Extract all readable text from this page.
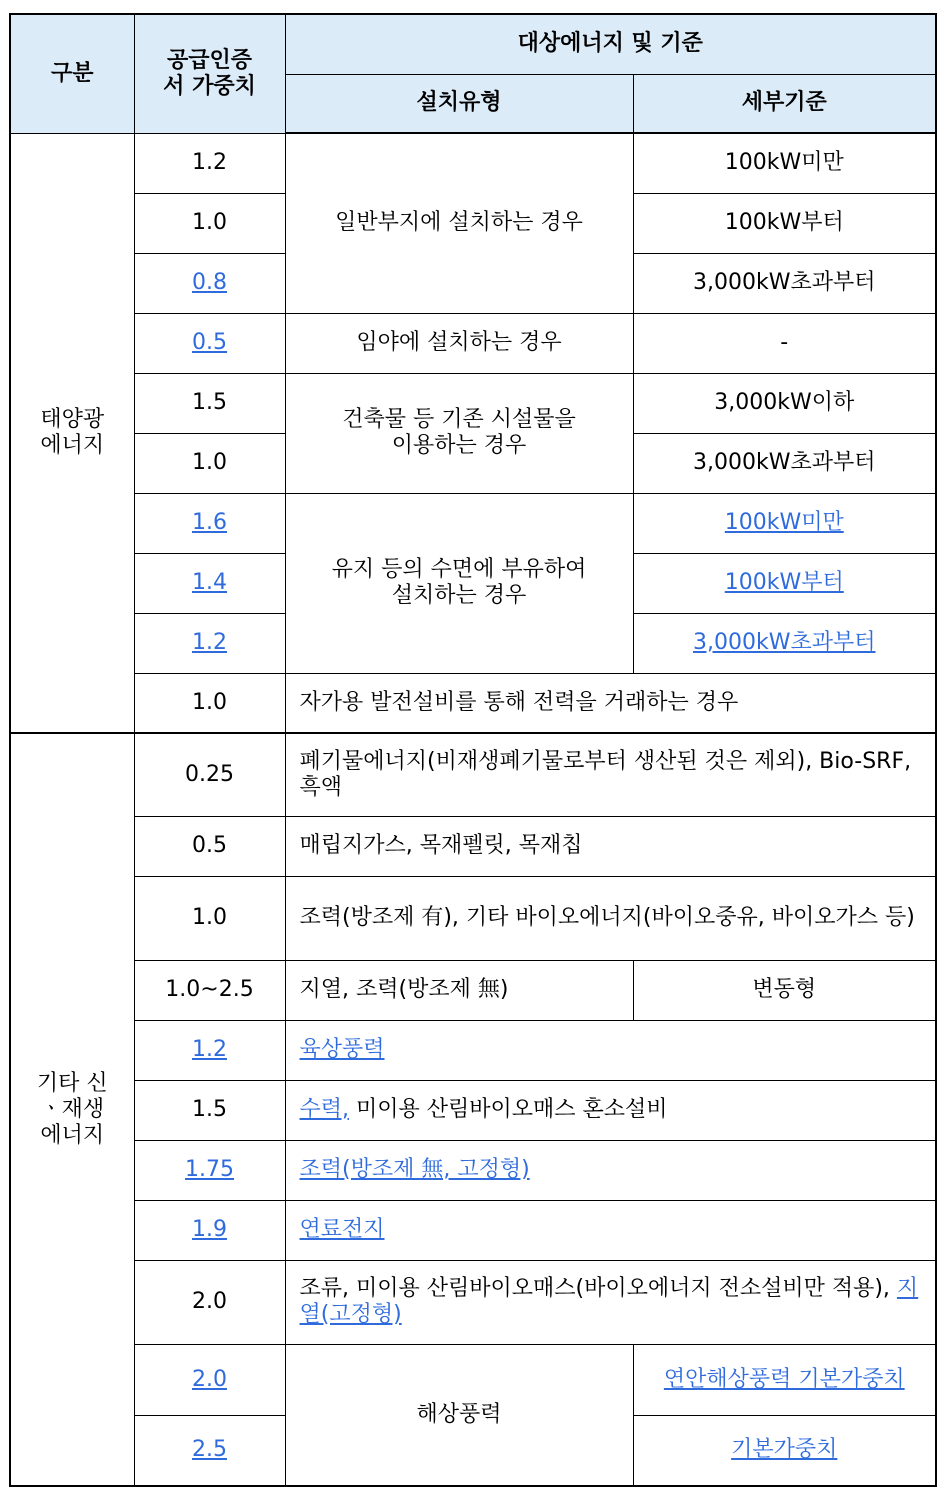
구분	공급인증서 가중치	대상에너지 및 기준	
		설치유형	세부기준
태양광 에너지	1.2	일반부지에 설치하는 경우	100kW미만
	1.0		100kW부터
	0.8		3,000kW초과부터
	0.5	임야에 설치하는 경우	-
	1.5	건축물 등 기존 시설물을 이용하는 경우	3,000kW이하
	1.0		3,000kW초과부터
	1.6	유지 등의 수면에 부유하여 설치하는 경우	100kW미만
	1.4		100kW부터
	1.2		3,000kW초과부터
	1.0	자가용 발전설비를 통해 전력을 거래하는 경우	
기타 신ㆍ재생 에너지	0.25	폐기물에너지(비재생폐기물로부터 생산된 것은 제외), Bio-SRF, 흑액	
	0.5	매립지가스, 목재펠릿, 목재칩	
	1.0	조력(방조제 有), 기타 바이오에너지(바이오중유, 바이오가스 등)	
	1.0~2.5	지열, 조력(방조제 無)	변동형
	1.2	육상풍력	
	1.5	수력, 미이용 산림바이오매스 혼소설비	
	1.75	조력(방조제 無, 고정형)	
	1.9	연료전지	
	2.0	조류, 미이용 산림바이오매스(바이오에너지 전소설비만 적용), 지열(고정형)	
	2.0	해상풍력	연안해상풍력 기본가중치
	2.5		기본가중치
